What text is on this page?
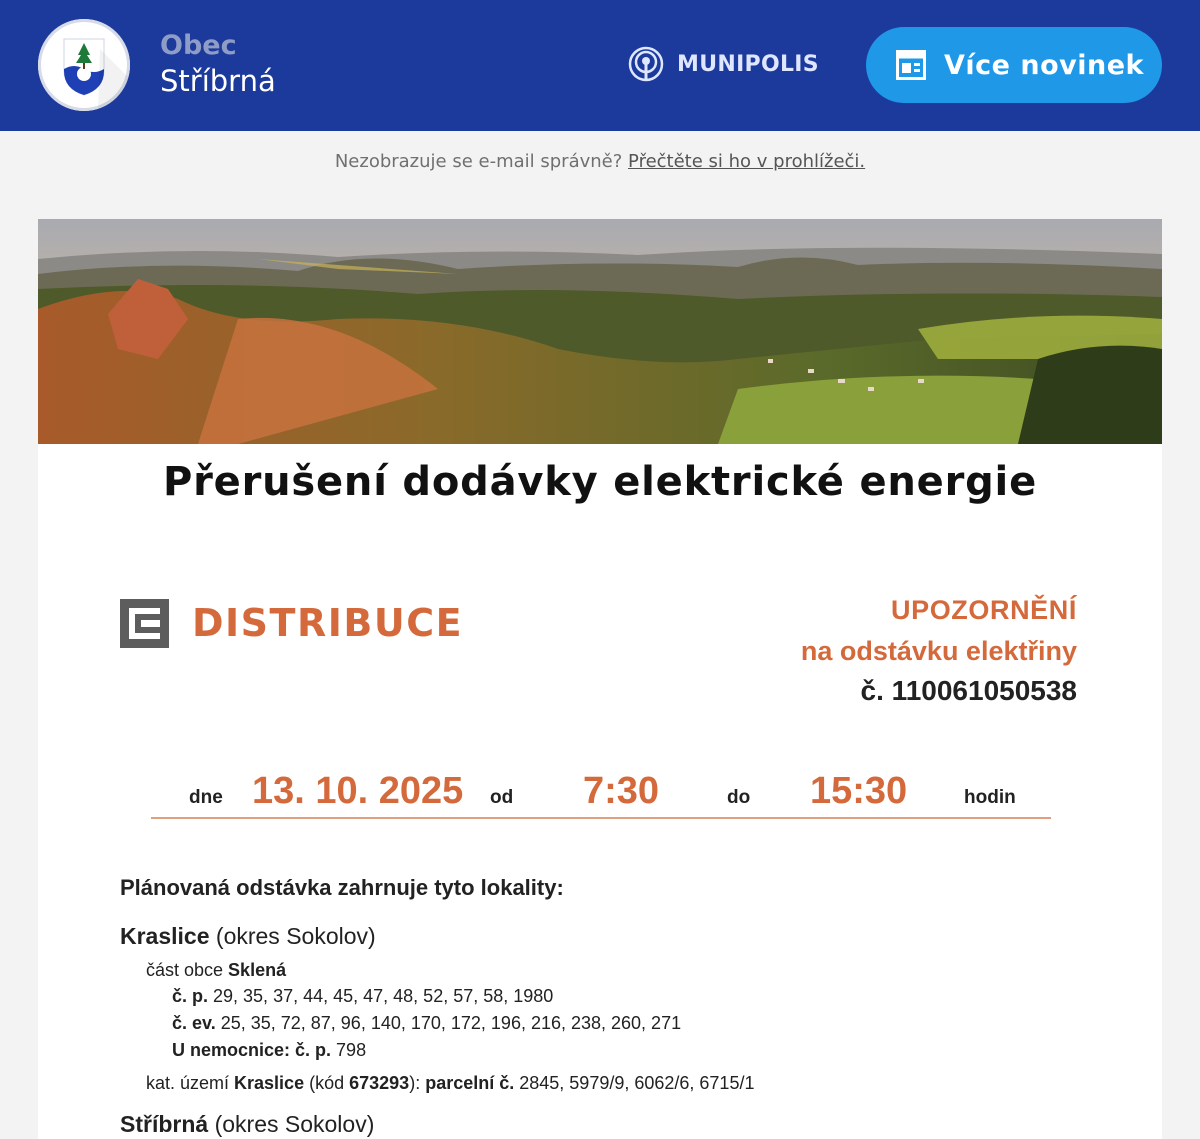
Obec
Stříbrná	MUNIPOLIS	Více novinek
Nezobrazuje se e-mail správně? Přečtěte si ho v prohlížeči.
Přerušení dodávky elektrické energie
DISTRIBUCE	UPOZORNĚNÍ
na odstávku elektřiny
č. 110061050538
dne 13. 10. 2025 od 7:30	do 15:30	hodin
Plánovaná odstávka zahrnuje tyto lokality:
Kraslice (okres Sokolov)
část obce Sklená
č. p. 29, 35, 37, 44, 45, 47, 48, 52, 57, 58, 1980
č. ev. 25, 35, 72, 87, 96, 140, 170, 172, 196, 216, 238, 260, 271
U nemocnice: č. p. 798
kat. území Kraslice (kód 673293): parcelní č. 2845, 5979/9, 6062/6, 6715/1
Stříbrná (okres Sokolov)
